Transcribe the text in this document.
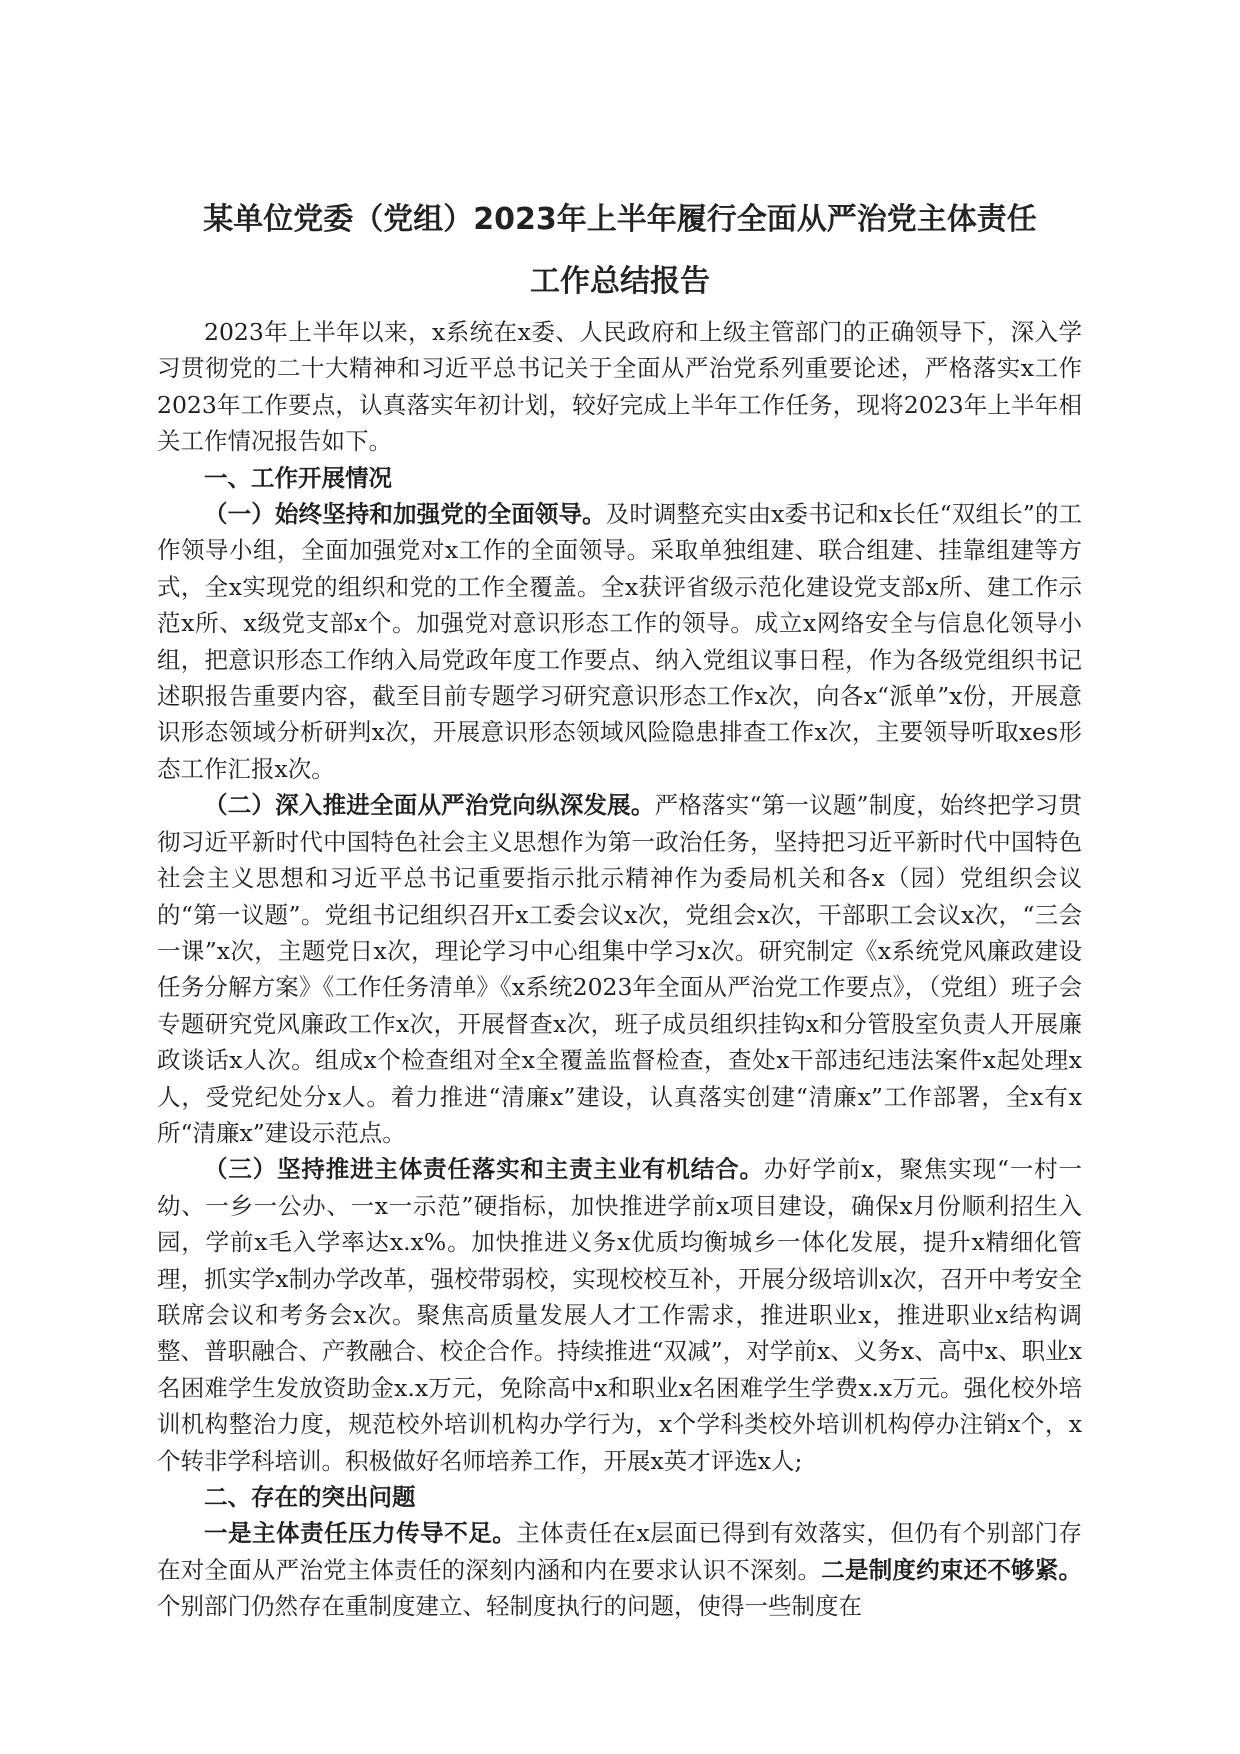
某单位党委（党组）2023年上半年履行全面从严治党主体责任
工作总结报告

2023年上半年以来，x系统在x委、人民政府和上级主管部门的正确领导下，深入学习贯彻党的二十大精神和习近平总书记关于全面从严治党系列重要论述，严格落实x工作2023年工作要点，认真落实年初计划，较好完成上半年工作任务，现将2023年上半年相关工作情况报告如下。

一、工作开展情况

（一）始终坚持和加强党的全面领导。及时调整充实由x委书记和x长任“双组长”的工作领导小组，全面加强党对x工作的全面领导。采取单独组建、联合组建、挂靠组建等方式，全x实现党的组织和党的工作全覆盖。全x获评省级示范化建设党支部x所、建工作示范x所、x级党支部x个。加强党对意识形态工作的领导。成立x网络安全与信息化领导小组，把意识形态工作纳入局党政年度工作要点、纳入党组议事日程，作为各级党组织书记述职报告重要内容，截至目前专题学习研究意识形态工作x次，向各x“派单”x份，开展意识形态领域分析研判x次，开展意识形态领域风险隐患排查工作x次，主要领导听取xes形态工作汇报x次。

（二）深入推进全面从严治党向纵深发展。严格落实“第一议题”制度，始终把学习贯彻习近平新时代中国特色社会主义思想作为第一政治任务，坚持把习近平新时代中国特色社会主义思想和习近平总书记重要指示批示精神作为委局机关和各x（园）党组织会议的“第一议题”。党组书记组织召开x工委会议x次，党组会x次，干部职工会议x次，“三会一课”x次，主题党日x次，理论学习中心组集中学习x次。研究制定《x系统党风廉政建设任务分解方案》《工作任务清单》《x系统2023年全面从严治党工作要点》，（党组）班子会专题研究党风廉政工作x次，开展督查x次，班子成员组织挂钩x和分管股室负责人开展廉政谈话x人次。组成x个检查组对全x全覆盖监督检查，查处x干部违纪违法案件x起处理x人，受党纪处分x人。着力推进“清廉x”建设，认真落实创建“清廉x”工作部署，全x有x所“清廉x”建设示范点。

（三）坚持推进主体责任落实和主责主业有机结合。办好学前x，聚焦实现“一村一幼、一乡一公办、一x一示范”硬指标，加快推进学前x项目建设，确保x月份顺利招生入园，学前x毛入学率达x.x%。加快推进义务x优质均衡城乡一体化发展，提升x精细化管理，抓实学x制办学改革，强校带弱校，实现校校互补，开展分级培训x次，召开中考安全联席会议和考务会x次。聚焦高质量发展人才工作需求，推进职业x，推进职业x结构调整、普职融合、产教融合、校企合作。持续推进“双减”，对学前x、义务x、高中x、职业x名困难学生发放资助金x.x万元，免除高中x和职业x名困难学生学费x.x万元。强化校外培训机构整治力度，规范校外培训机构办学行为，x个学科类校外培训机构停办注销x个，x个转非学科培训。积极做好名师培养工作，开展x英才评选x人;

二、存在的突出问题

一是主体责任压力传导不足。主体责任在x层面已得到有效落实，但仍有个别部门存在对全面从严治党主体责任的深刻内涵和内在要求认识不深刻。二是制度约束还不够紧。个别部门仍然存在重制度建立、轻制度执行的问题，使得一些制度在
